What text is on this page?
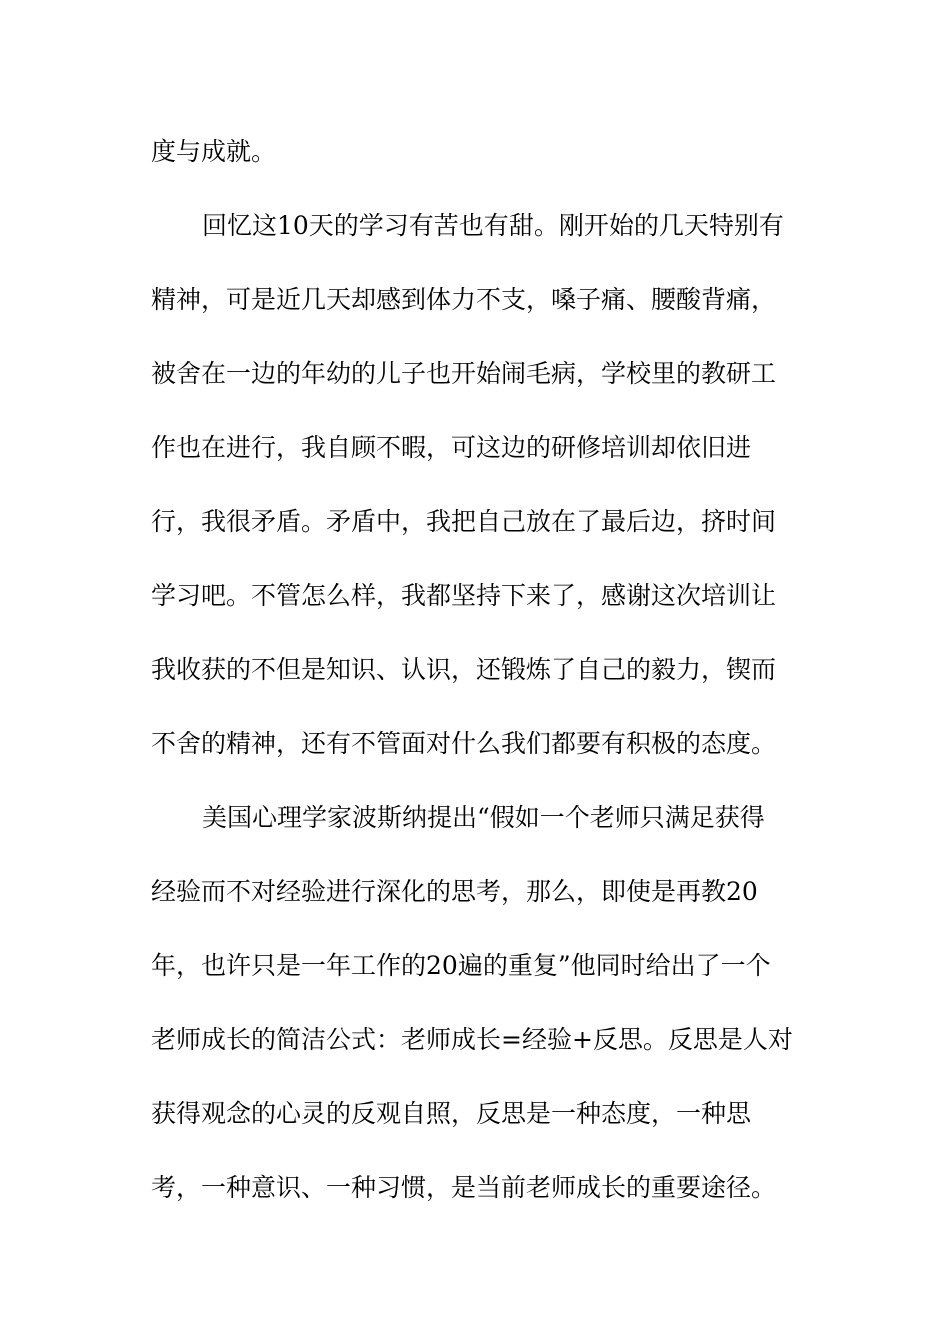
度与成就。
回忆这10天的学习有苦也有甜。刚开始的几天特别有
精神，可是近几天却感到体力不支，嗓子痛、腰酸背痛，
被舍在一边的年幼的儿子也开始闹毛病，学校里的教研工
作也在进行，我自顾不暇，可这边的研修培训却依旧进
行，我很矛盾。矛盾中，我把自己放在了最后边，挤时间
学习吧。不管怎么样，我都坚持下来了，感谢这次培训让
我收获的不但是知识、认识，还锻炼了自己的毅力，锲而
不舍的精神，还有不管面对什么我们都要有积极的态度。
美国心理学家波斯纳提出“假如一个老师只满足获得
经验而不对经验进行深化的思考，那么，即使是再教20
年，也许只是一年工作的20遍的重复”他同时给出了一个
老师成长的简洁公式：老师成长=经验+反思。反思是人对
获得观念的心灵的反观自照，反思是一种态度，一种思
考，一种意识、一种习惯，是当前老师成长的重要途径。
